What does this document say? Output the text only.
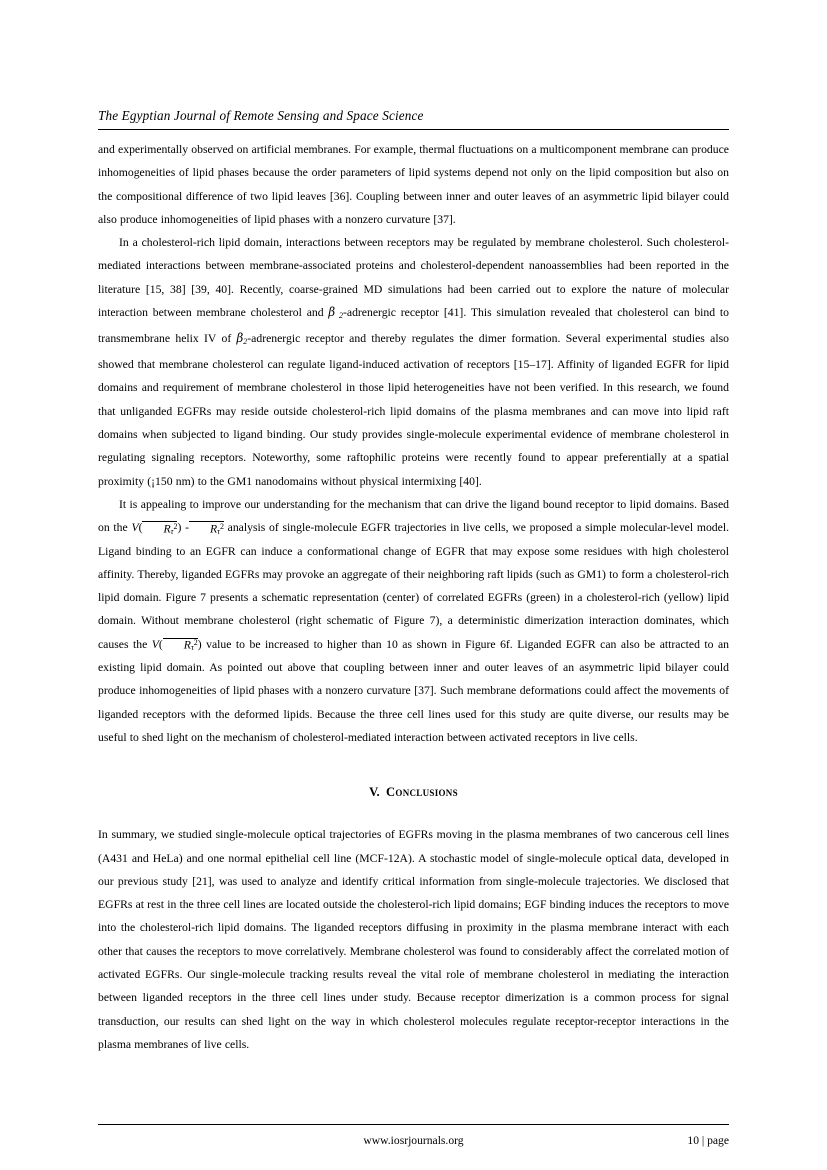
The Egyptian Journal of Remote Sensing and Space Science

and experimentally observed on artificial membranes. For example, thermal fluctuations on a multicomponent membrane can produce inhomogeneities of lipid phases because the order parameters of lipid systems depend not only on the lipid composition but also on the compositional difference of two lipid leaves [36]. Coupling between inner and outer leaves of an asymmetric lipid bilayer could also produce inhomogeneities of lipid phases with a nonzero curvature [37].

In a cholesterol-rich lipid domain, interactions between receptors may be regulated by membrane cholesterol. Such cholesterol-mediated interactions between membrane-associated proteins and cholesterol-dependent nanoassemblies had been reported in the literature [15, 38] [39, 40]. Recently, coarse-grained MD simulations had been carried out to explore the nature of molecular interaction between membrane cholesterol and β $_2$-adrenergic receptor [41]. This simulation revealed that cholesterol can bind to transmembrane helix IV of $\beta_2$-adrenergic receptor and thereby regulates the dimer formation. Several experimental studies also showed that membrane cholesterol can regulate ligand-induced activation of receptors [15–17]. Affinity of liganded EGFR for lipid domains and requirement of membrane cholesterol in those lipid heterogeneities have not been verified. In this research, we found that unliganded EGFRs may reside outside cholesterol-rich lipid domains of the plasma membranes and can move into lipid raft domains when subjected to ligand binding. Our study provides single-molecule experimental evidence of membrane cholesterol in regulating signaling receptors. Noteworthy, some raftophilic proteins were recently found to appear preferentially at a spatial proximity (¡150 nm) to the GM1 nanodomains without physical intermixing [40].

It is appealing to improve our understanding for the mechanism that can drive the ligand bound receptor to lipid domains. Based on the V( $R_\tau^2) - R_\tau^2$ analysis of single-molecule EGFR trajectories in live cells, we proposed a simple molecular-level model. Ligand binding to an EGFR can induce a conformational change of EGFR that may expose some residues with high cholesterol affinity. Thereby, liganded EGFRs may provoke an aggregate of their neighboring raft lipids (such as GM1) to form a cholesterol-rich lipid domain. Figure 7 presents a schematic representation (center) of correlated EGFRs (green) in a cholesterol-rich (yellow) lipid domain. Without membrane cholesterol (right schematic of Figure 7), a deterministic dimerization interaction dominates, which causes the V( $R_\tau^2$) value to be increased to higher than 10 as shown in Figure 6f. Liganded EGFR can also be attracted to an existing lipid domain. As pointed out above that coupling between inner and outer leaves of an asymmetric lipid bilayer could produce inhomogeneities of lipid phases with a nonzero curvature [37]. Such membrane deformations could affect the movements of liganded receptors with the deformed lipids. Because the three cell lines used for this study are quite diverse, our results may be useful to shed light on the mechanism of cholesterol-mediated interaction between activated receptors in live cells.

V. Conclusions

In summary, we studied single-molecule optical trajectories of EGFRs moving in the plasma membranes of two cancerous cell lines (A431 and HeLa) and one normal epithelial cell line (MCF-12A). A stochastic model of single-molecule optical data, developed in our previous study [21], was used to analyze and identify critical information from single-molecule trajectories. We disclosed that EGFRs at rest in the three cell lines are located outside the cholesterol-rich lipid domains; EGF binding induces the receptors to move into the cholesterol-rich lipid domains. The liganded receptors diffusing in proximity in the plasma membrane interact with each other that causes the receptors to move correlatively. Membrane cholesterol was found to considerably affect the correlated motion of activated EGFRs. Our single-molecule tracking results reveal the vital role of membrane cholesterol in mediating the interaction between liganded receptors in the three cell lines under study. Because receptor dimerization is a common process for signal transduction, our results can shed light on the way in which cholesterol molecules regulate receptor-receptor interactions in the plasma membranes of live cells.

www.iosrjournals.org	10 | page
